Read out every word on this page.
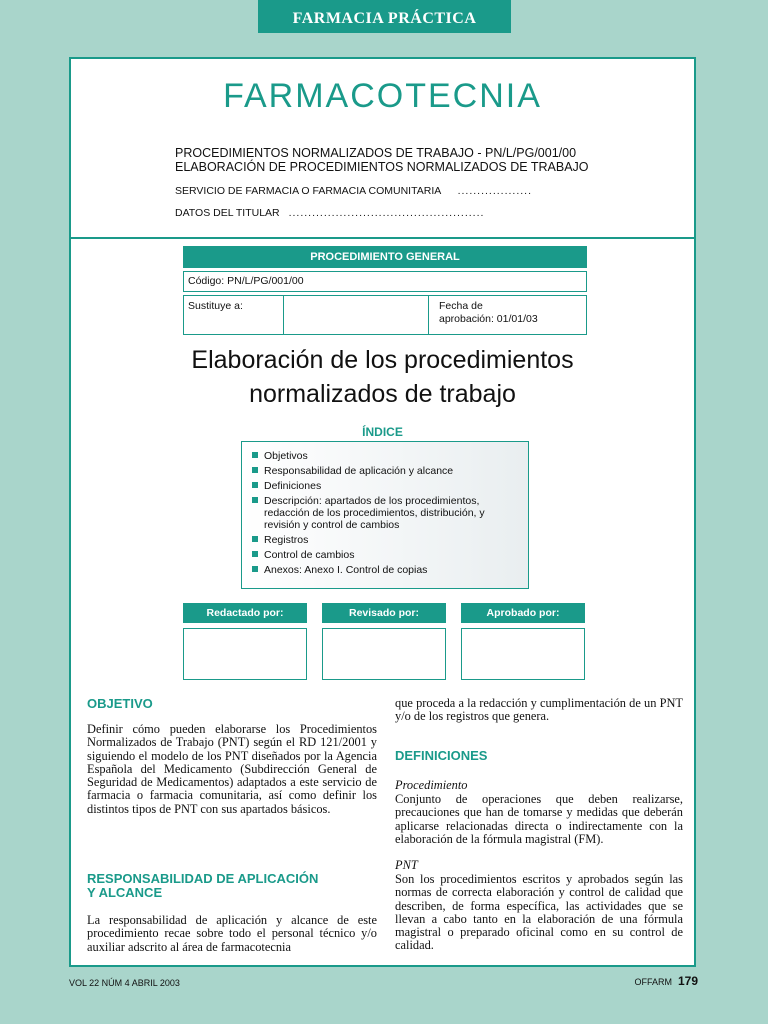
FARMACIA PRÁCTICA
FARMACOTECNIA
PROCEDIMIENTOS NORMALIZADOS DE TRABAJO - PN/L/PG/001/00
ELABORACIÓN DE PROCEDIMIENTOS NORMALIZADOS DE TRABAJO
SERVICIO DE FARMACIA O FARMACIA COMUNITARIA ...................
DATOS DEL TITULAR ..................................................
PROCEDIMIENTO GENERAL
Código: PN/L/PG/001/00
Sustituye a:	Fecha de
aprobación: 01/01/03
Elaboración de los procedimientos
normalizados de trabajo
ÍNDICE
Objetivos
Responsabilidad de aplicación y alcance
Definiciones
Descripción: apartados de los procedimientos, redacción de los procedimientos, distribución, y revisión y control de cambios
Registros
Control de cambios
Anexos: Anexo I. Control de copias
Redactado por:	Revisado por:	Aprobado por:
OBJETIVO
Definir cómo pueden elaborarse los Procedimientos Normalizados de Trabajo (PNT) según el RD 121/2001 y siguiendo el modelo de los PNT diseñados por la Agencia Española del Medicamento (Subdirección General de Seguridad de Medicamentos) adaptados a este servicio de farmacia o farmacia comunitaria, así como definir los distintos tipos de PNT con sus apartados básicos.
RESPONSABILIDAD DE APLICACIÓN
Y ALCANCE
La responsabilidad de aplicación y alcance de este procedimiento recae sobre todo el personal técnico y/o auxiliar adscrito al área de farmacotecnia
que proceda a la redacción y cumplimentación de un PNT y/o de los registros que genera.
DEFINICIONES
Procedimiento
Conjunto de operaciones que deben realizarse, precauciones que han de tomarse y medidas que deberán aplicarse relacionadas directa o indirectamente con la elaboración de la fórmula magistral (FM).
PNT
Son los procedimientos escritos y aprobados según las normas de correcta elaboración y control de calidad que describen, de forma específica, las actividades que se llevan a cabo tanto en la elaboración de una fórmula magistral o preparado oficinal como en su control de calidad.
VOL 22 NÚM 4 ABRIL 2003	OFFARM 179
